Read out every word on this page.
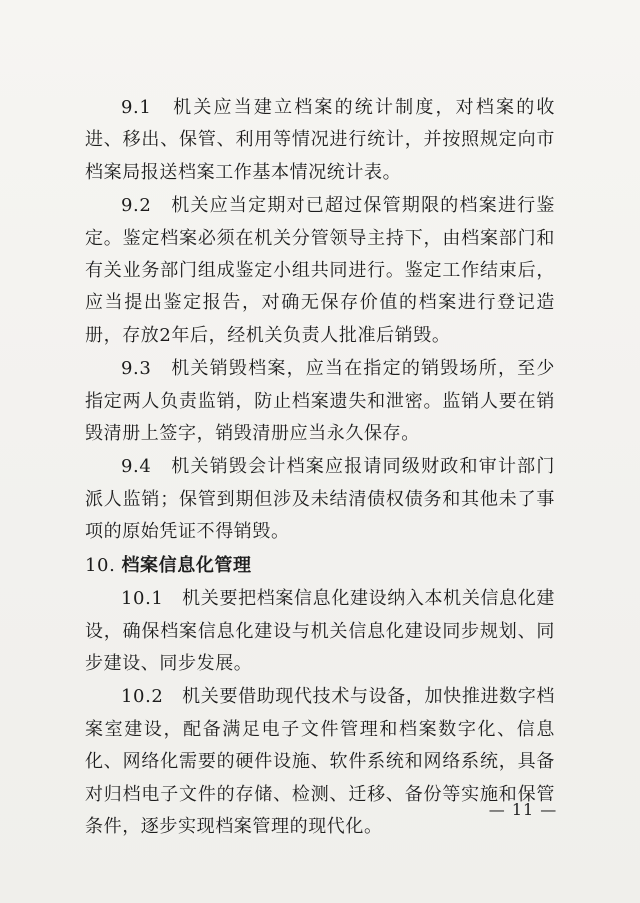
9.1　机关应当建立档案的统计制度，对档案的收进、移出、保管、利用等情况进行统计，并按照规定向市档案局报送档案工作基本情况统计表。

9.2　机关应当定期对已超过保管期限的档案进行鉴定。鉴定档案必须在机关分管领导主持下，由档案部门和有关业务部门组成鉴定小组共同进行。鉴定工作结束后，应当提出鉴定报告，对确无保存价值的档案进行登记造册，存放2年后，经机关负责人批准后销毁。

9.3　机关销毁档案，应当在指定的销毁场所，至少指定两人负责监销，防止档案遗失和泄密。监销人要在销毁清册上签字，销毁清册应当永久保存。

9.4　机关销毁会计档案应报请同级财政和审计部门派人监销；保管到期但涉及未结清债权债务和其他未了事项的原始凭证不得销毁。

10. 档案信息化管理

10.1　机关要把档案信息化建设纳入本机关信息化建设，确保档案信息化建设与机关信息化建设同步规划、同步建设、同步发展。

10.2　机关要借助现代技术与设备，加快推进数字档案室建设，配备满足电子文件管理和档案数字化、信息化、网络化需要的硬件设施、软件系统和网络系统，具备对归档电子文件的存储、检测、迁移、备份等实施和保管条件，逐步实现档案管理的现代化。

— 11 —
